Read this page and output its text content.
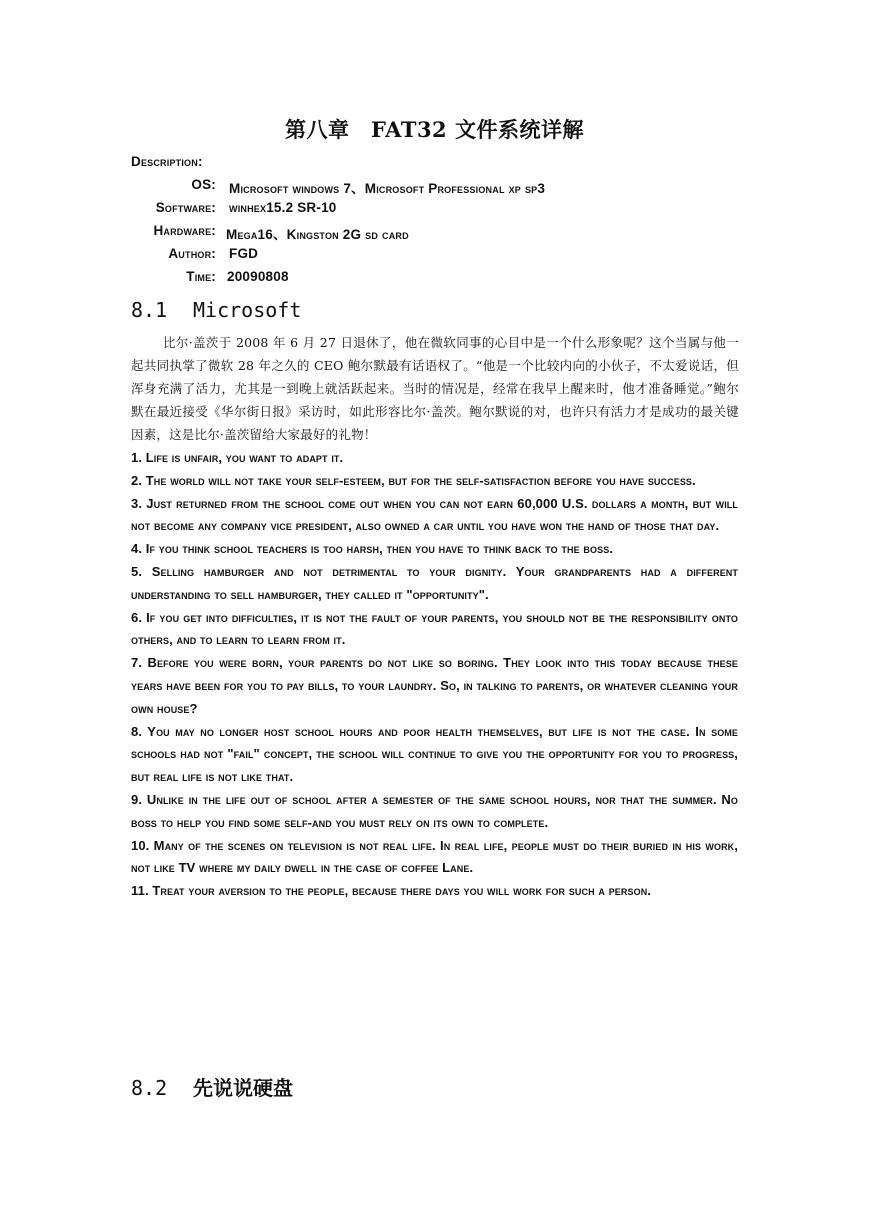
第八章　FAT32 文件系统详解
Description:
OS: Microsoft windows 7、Microsoft Professional xp sp3
Software: winhex15.2 SR-10
Hardware: Mega16、Kingston 2G sd card
Author: FGD
Time: 20090808
8.1 Microsoft

比尔·盖茨于 2008 年 6 月 27 日退休了，他在微软同事的心目中是一个什么形象呢？这个当属与他一起共同执掌了微软 28 年之久的 CEO 鲍尔默最有话语权了。“他是一个比较内向的小伙子，不太爱说话，但浑身充满了活力，尤其是一到晚上就活跃起来。当时的情况是，经常在我早上醒来时，他才准备睡觉。”鲍尔默在最近接受《华尔街日报》采访时，如此形容比尔·盖茨。鲍尔默说的对，也许只有活力才是成功的最关键因素，这是比尔·盖茨留给大家最好的礼物！

1. Life is unfair, you want to adapt it.
2. The world will not take your self-esteem, but for the self-satisfaction before you have success.
3. Just returned from the school come out when you can not earn 60,000 U.S. dollars a month, but will not become any company vice president, also owned a car until you have won the hand of those that day.
4. If you think school teachers is too harsh, then you have to think back to the boss.
5. Selling hamburger and not detrimental to your dignity. Your grandparents had a different understanding to sell hamburger, they called it "opportunity".
6. If you get into difficulties, it is not the fault of your parents, you should not be the responsibility onto others, and to learn to learn from it.
7. Before you were born, your parents do not like so boring. They look into this today because these years have been for you to pay bills, to your laundry. So, in talking to parents, or whatever cleaning your own house?
8. You may no longer host school hours and poor health themselves, but life is not the case. In some schools had not "fail" concept, the school will continue to give you the opportunity for you to progress, but real life is not like that.
9. Unlike in the life out of school after a semester of the same school hours, nor that the summer. No boss to help you find some self-and you must rely on its own to complete.
10. Many of the scenes on television is not real life. In real life, people must do their buried in his work, not like TV where my daily dwell in the case of coffee Lane.
11. Treat your aversion to the people, because there days you will work for such a person.
8.2 先说说硬盘
